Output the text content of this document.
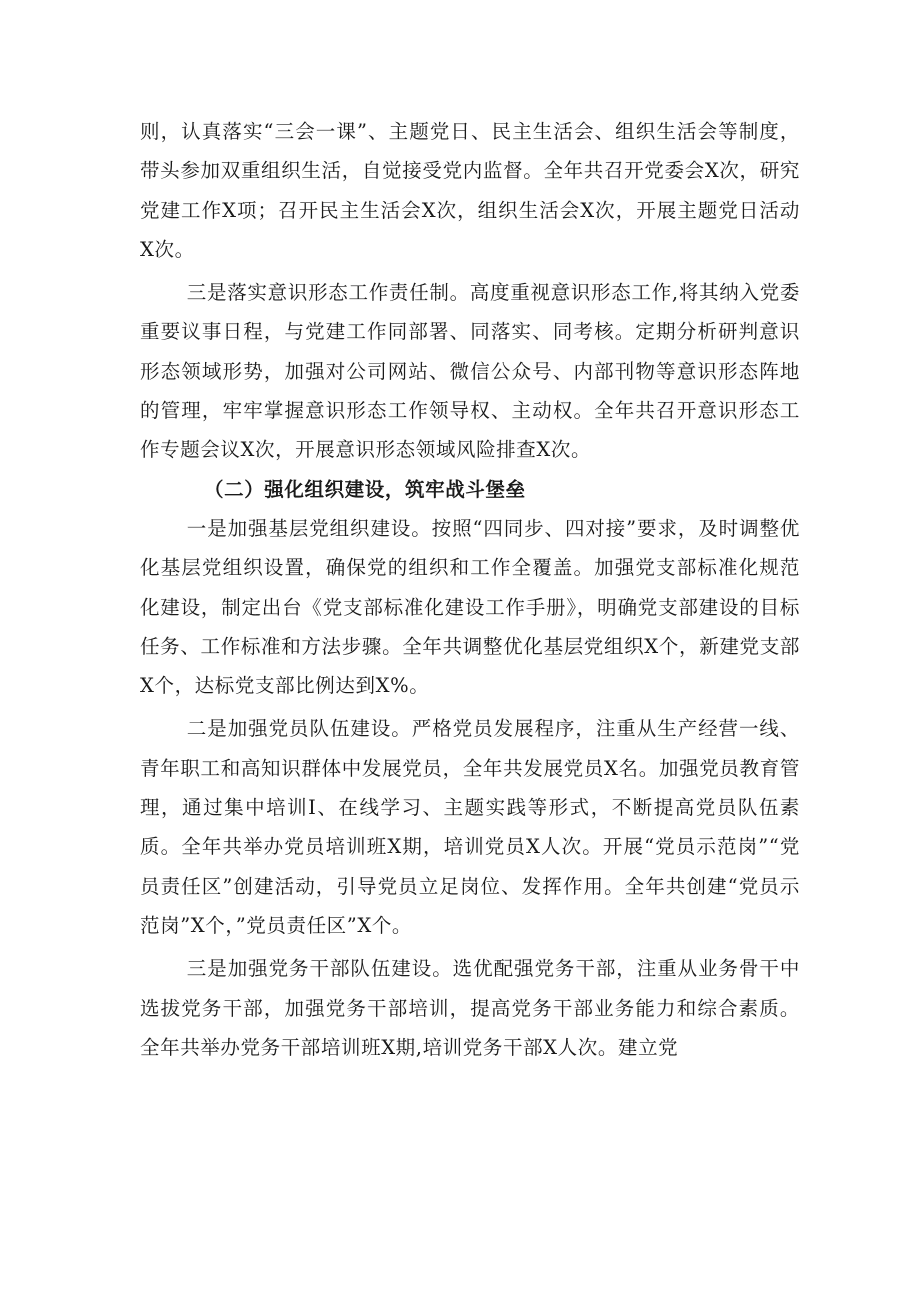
则，认真落实“三会一课”、主题党日、民主生活会、组织生活会等制度，带头参加双重组织生活，自觉接受党内监督。全年共召开党委会X次，研究党建工作X项；召开民主生活会X次，组织生活会X次，开展主题党日活动X次。

三是落实意识形态工作责任制。高度重视意识形态工作,将其纳入党委重要议事日程，与党建工作同部署、同落实、同考核。定期分析研判意识形态领域形势，加强对公司网站、微信公众号、内部刊物等意识形态阵地的管理，牢牢掌握意识形态工作领导权、主动权。全年共召开意识形态工作专题会议X次，开展意识形态领域风险排查X次。

（二）强化组织建设，筑牢战斗堡垒

一是加强基层党组织建设。按照“四同步、四对接”要求，及时调整优化基层党组织设置，确保党的组织和工作全覆盖。加强党支部标准化规范化建设，制定出台《党支部标准化建设工作手册》，明确党支部建设的目标任务、工作标准和方法步骤。全年共调整优化基层党组织X个，新建党支部X个，达标党支部比例达到X%。

二是加强党员队伍建设。严格党员发展程序，注重从生产经营一线、青年职工和高知识群体中发展党员，全年共发展党员X名。加强党员教育管理，通过集中培训I、在线学习、主题实践等形式，不断提高党员队伍素质。全年共举办党员培训班X期，培训党员X人次。开展“党员示范岗”“党员责任区”创建活动，引导党员立足岗位、发挥作用。全年共创建“党员示范岗”X个，”党员责任区”X个。

三是加强党务干部队伍建设。选优配强党务干部，注重从业务骨干中选拔党务干部，加强党务干部培训，提高党务干部业务能力和综合素质。全年共举办党务干部培训班X期,培训党务干部X人次。建立党
